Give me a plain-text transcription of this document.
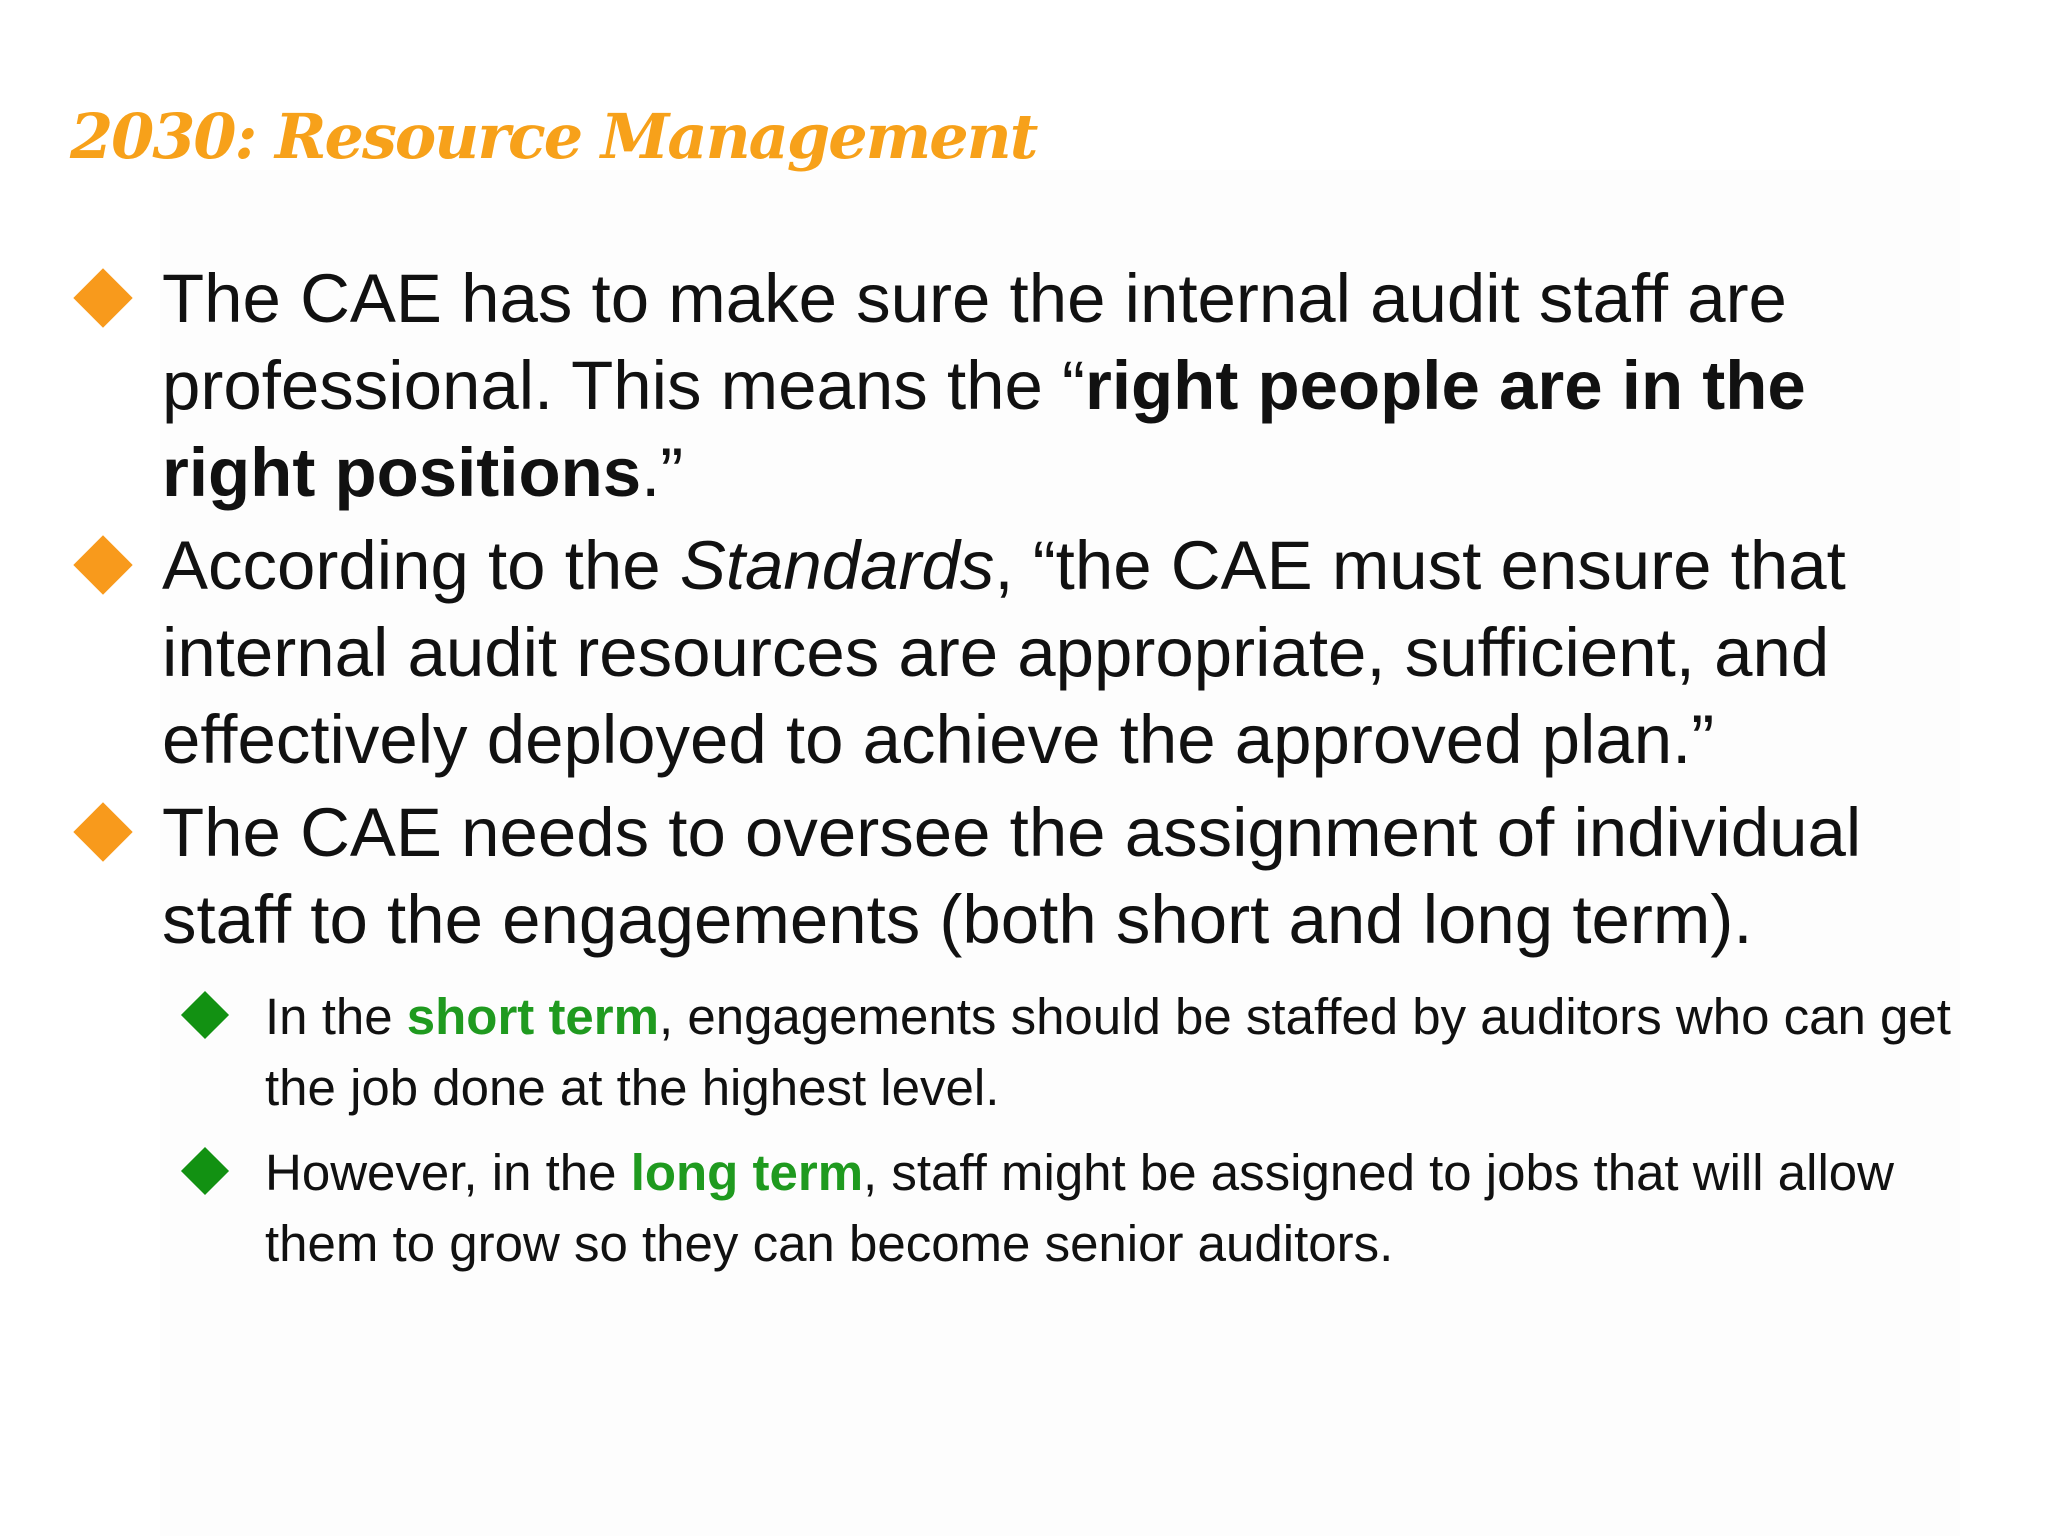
2030: Resource Management
The CAE has to make sure the internal audit staff are professional. This means the “right people are in the right positions.”
According to the Standards, “the CAE must ensure that internal audit resources are appropriate, sufficient, and effectively deployed to achieve the approved plan.”
The CAE needs to oversee the assignment of individual staff to the engagements (both short and long term).
In the short term, engagements should be staffed by auditors who can get the job done at the highest level.
However, in the long term, staff might be assigned to jobs that will allow them to grow so they can become senior auditors.
